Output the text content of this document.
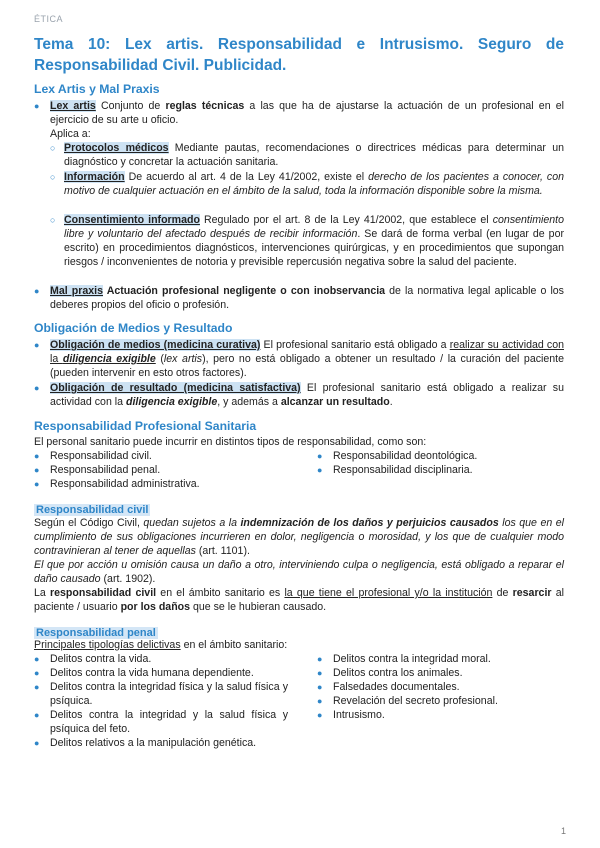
ÉTICA
Tema 10: Lex artis. Responsabilidad e Intrusismo. Seguro de Responsabilidad Civil. Publicidad.
Lex Artis y Mal Praxis
● Lex artis Conjunto de reglas técnicas a las que ha de ajustarse la actuación de un profesional en el ejercicio de su arte u oficio.
Aplica a:
○ Protocolos médicos Mediante pautas, recomendaciones o directrices médicas para determinar un diagnóstico y concretar la actuación sanitaria.
○ Información De acuerdo al art. 4 de la Ley 41/2002, existe el derecho de los pacientes a conocer, con motivo de cualquier actuación en el ámbito de la salud, toda la información disponible sobre la misma.
○ Consentimiento informado Regulado por el art. 8 de la Ley 41/2002, que establece el consentimiento libre y voluntario del afectado después de recibir información. Se dará de forma verbal (en lugar de por escrito) en procedimientos diagnósticos, intervenciones quirúrgicas, y en procedimientos que supongan riesgos / inconvenientes de notoria y previsible repercusión negativa sobre la salud del paciente.
● Mal praxis Actuación profesional negligente o con inobservancia de la normativa legal aplicable o los deberes propios del oficio o profesión.
Obligación de Medios y Resultado
● Obligación de medios (medicina curativa) El profesional sanitario está obligado a realizar su actividad con la diligencia exigible (lex artis), pero no está obligado a obtener un resultado / la curación del paciente (pueden intervenir en esto otros factores).
● Obligación de resultado (medicina satisfactiva) El profesional sanitario está obligado a realizar su actividad con la diligencia exigible, y además a alcanzar un resultado.
Responsabilidad Profesional Sanitaria
El personal sanitario puede incurrir en distintos tipos de responsabilidad, como son:
● Responsabilidad civil.
● Responsabilidad penal.
● Responsabilidad administrativa.
● Responsabilidad deontológica.
● Responsabilidad disciplinaria.
Responsabilidad civil
Según el Código Civil, quedan sujetos a la indemnización de los daños y perjuicios causados los que en el cumplimiento de sus obligaciones incurrieren en dolor, negligencia o morosidad, y los que de cualquier modo contravinieran al tener de aquellas (art. 1101).
El que por acción u omisión causa un daño a otro, interviniendo culpa o negligencia, está obligado a reparar el daño causado (art. 1902).
La responsabilidad civil en el ámbito sanitario es la que tiene el profesional y/o la institución de resarcir al paciente / usuario por los daños que se le hubieran causado.
Responsabilidad penal
Principales tipologías delictivas en el ámbito sanitario:
● Delitos contra la vida.
● Delitos contra la vida humana dependiente.
● Delitos contra la integridad física y la salud física y psíquica.
● Delitos contra la integridad y la salud física y psíquica del feto.
● Delitos relativos a la manipulación genética.
● Delitos contra la integridad moral.
● Delitos contra los animales.
● Falsedades documentales.
● Revelación del secreto profesional.
● Intrusismo.
1
